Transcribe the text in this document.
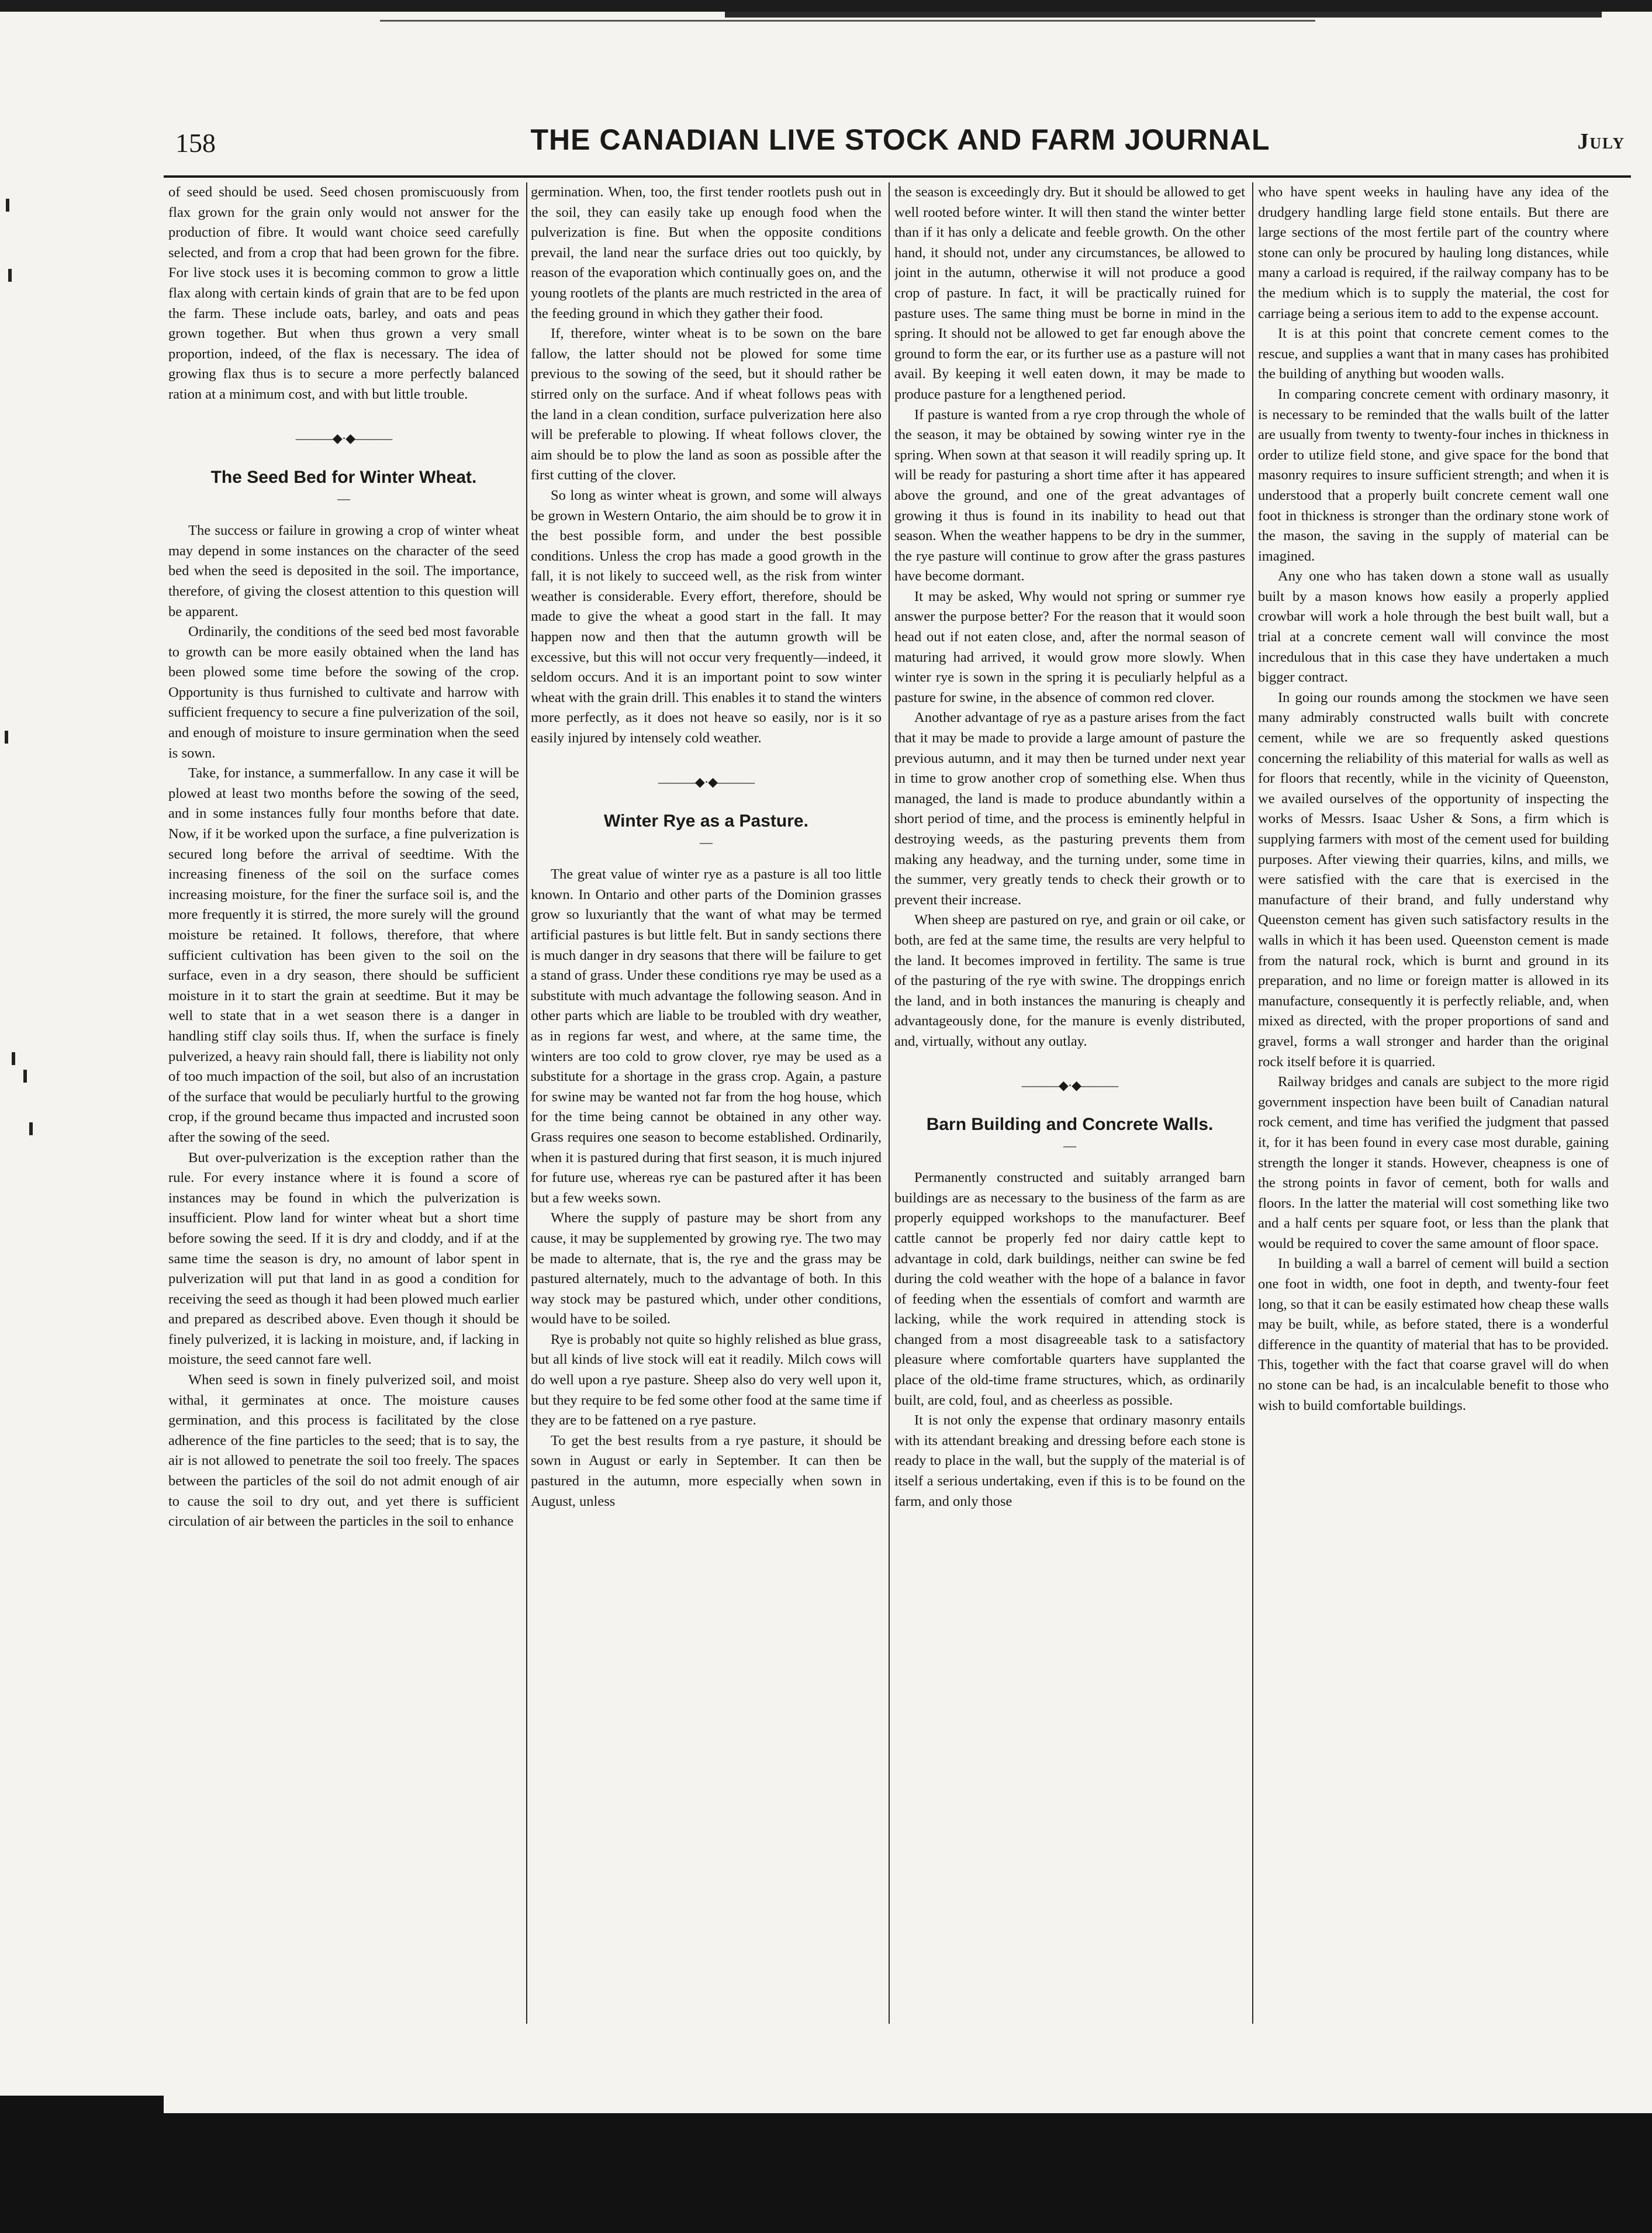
158	THE CANADIAN LIVE STOCK AND FARM JOURNAL	July

of seed should be used. Seed chosen promiscuously from flax grown for the grain only would not answer for the production of fibre. It would want choice seed carefully selected, and from a crop that had been grown for the fibre. For live stock uses it is becoming common to grow a little flax along with certain kinds of grain that are to be fed upon the farm. These include oats, barley, and oats and peas grown together. But when thus grown a very small proportion, indeed, of the flax is necessary. The idea of growing flax thus is to secure a more perfectly balanced ration at a minimum cost, and with but little trouble.

———◆·◆———
The Seed Bed for Winter Wheat.
—

The success or failure in growing a crop of winter wheat may depend in some instances on the character of the seed bed when the seed is deposited in the soil. The importance, therefore, of giving the closest attention to this question will be apparent.

Ordinarily, the conditions of the seed bed most favorable to growth can be more easily obtained when the land has been plowed some time before the sowing of the crop. Opportunity is thus furnished to cultivate and harrow with sufficient frequency to secure a fine pulverization of the soil, and enough of moisture to insure germination when the seed is sown.

Take, for instance, a summerfallow. In any case it will be plowed at least two months before the sowing of the seed, and in some instances fully four months before that date. Now, if it be worked upon the surface, a fine pulverization is secured long before the arrival of seedtime. With the increasing fineness of the soil on the surface comes increasing moisture, for the finer the surface soil is, and the more frequently it is stirred, the more surely will the ground moisture be retained. It follows, therefore, that where sufficient cultivation has been given to the soil on the surface, even in a dry season, there should be sufficient moisture in it to start the grain at seedtime. But it may be well to state that in a wet season there is a danger in handling stiff clay soils thus. If, when the surface is finely pulverized, a heavy rain should fall, there is liability not only of too much impaction of the soil, but also of an incrustation of the surface that would be peculiarly hurtful to the growing crop, if the ground became thus impacted and incrusted soon after the sowing of the seed.

But over-pulverization is the exception rather than the rule. For every instance where it is found a score of instances may be found in which the pulverization is insufficient. Plow land for winter wheat but a short time before sowing the seed. If it is dry and cloddy, and if at the same time the season is dry, no amount of labor spent in pulverization will put that land in as good a condition for receiving the seed as though it had been plowed much earlier and prepared as described above. Even though it should be finely pulverized, it is lacking in moisture, and, if lacking in moisture, the seed cannot fare well.

When seed is sown in finely pulverized soil, and moist withal, it germinates at once. The moisture causes germination, and this process is facilitated by the close adherence of the fine particles to the seed; that is to say, the air is not allowed to penetrate the soil too freely. The spaces between the particles of the soil do not admit enough of air to cause the soil to dry out, and yet there is sufficient circulation of air between the particles in the soil to enhance

germination. When, too, the first tender rootlets push out in the soil, they can easily take up enough food when the pulverization is fine. But when the opposite conditions prevail, the land near the surface dries out too quickly, by reason of the evaporation which continually goes on, and the young rootlets of the plants are much restricted in the area of the feeding ground in which they gather their food.

If, therefore, winter wheat is to be sown on the bare fallow, the latter should not be plowed for some time previous to the sowing of the seed, but it should rather be stirred only on the surface. And if wheat follows peas with the land in a clean condition, surface pulverization here also will be preferable to plowing. If wheat follows clover, the aim should be to plow the land as soon as possible after the first cutting of the clover.

So long as winter wheat is grown, and some will always be grown in Western Ontario, the aim should be to grow it in the best possible form, and under the best possible conditions. Unless the crop has made a good growth in the fall, it is not likely to succeed well, as the risk from winter weather is considerable. Every effort, therefore, should be made to give the wheat a good start in the fall. It may happen now and then that the autumn growth will be excessive, but this will not occur very frequently—indeed, it seldom occurs. And it is an important point to sow winter wheat with the grain drill. This enables it to stand the winters more perfectly, as it does not heave so easily, nor is it so easily injured by intensely cold weather.

———◆·◆———
Winter Rye as a Pasture.
—

The great value of winter rye as a pasture is all too little known. In Ontario and other parts of the Dominion grasses grow so luxuriantly that the want of what may be termed artificial pastures is but little felt. But in sandy sections there is much danger in dry seasons that there will be failure to get a stand of grass. Under these conditions rye may be used as a substitute with much advantage the following season. And in other parts which are liable to be troubled with dry weather, as in regions far west, and where, at the same time, the winters are too cold to grow clover, rye may be used as a substitute for a shortage in the grass crop. Again, a pasture for swine may be wanted not far from the hog house, which for the time being cannot be obtained in any other way. Grass requires one season to become established. Ordinarily, when it is pastured during that first season, it is much injured for future use, whereas rye can be pastured after it has been but a few weeks sown.

Where the supply of pasture may be short from any cause, it may be supplemented by growing rye. The two may be made to alternate, that is, the rye and the grass may be pastured alternately, much to the advantage of both. In this way stock may be pastured which, under other conditions, would have to be soiled.

Rye is probably not quite so highly relished as blue grass, but all kinds of live stock will eat it readily. Milch cows will do well upon a rye pasture. Sheep also do very well upon it, but they require to be fed some other food at the same time if they are to be fattened on a rye pasture.

To get the best results from a rye pasture, it should be sown in August or early in September. It can then be pastured in the autumn, more especially when sown in August, unless

the season is exceedingly dry. But it should be allowed to get well rooted before winter. It will then stand the winter better than if it has only a delicate and feeble growth. On the other hand, it should not, under any circumstances, be allowed to joint in the autumn, otherwise it will not produce a good crop of pasture. In fact, it will be practically ruined for pasture uses. The same thing must be borne in mind in the spring. It should not be allowed to get far enough above the ground to form the ear, or its further use as a pasture will not avail. By keeping it well eaten down, it may be made to produce pasture for a lengthened period.

If pasture is wanted from a rye crop through the whole of the season, it may be obtained by sowing winter rye in the spring. When sown at that season it will readily spring up. It will be ready for pasturing a short time after it has appeared above the ground, and one of the great advantages of growing it thus is found in its inability to head out that season. When the weather happens to be dry in the summer, the rye pasture will continue to grow after the grass pastures have become dormant.

It may be asked, Why would not spring or summer rye answer the purpose better? For the reason that it would soon head out if not eaten close, and, after the normal season of maturing had arrived, it would grow more slowly. When winter rye is sown in the spring it is peculiarly helpful as a pasture for swine, in the absence of common red clover.

Another advantage of rye as a pasture arises from the fact that it may be made to provide a large amount of pasture the previous autumn, and it may then be turned under next year in time to grow another crop of something else. When thus managed, the land is made to produce abundantly within a short period of time, and the process is eminently helpful in destroying weeds, as the pasturing prevents them from making any headway, and the turning under, some time in the summer, very greatly tends to check their growth or to prevent their increase.

When sheep are pastured on rye, and grain or oil cake, or both, are fed at the same time, the results are very helpful to the land. It becomes improved in fertility. The same is true of the pasturing of the rye with swine. The droppings enrich the land, and in both instances the manuring is cheaply and advantageously done, for the manure is evenly distributed, and, virtually, without any outlay.

———◆·◆———
Barn Building and Concrete Walls.
—

Permanently constructed and suitably arranged barn buildings are as necessary to the business of the farm as are properly equipped workshops to the manufacturer. Beef cattle cannot be properly fed nor dairy cattle kept to advantage in cold, dark buildings, neither can swine be fed during the cold weather with the hope of a balance in favor of feeding when the essentials of comfort and warmth are lacking, while the work required in attending stock is changed from a most disagreeable task to a satisfactory pleasure where comfortable quarters have supplanted the place of the old-time frame structures, which, as ordinarily built, are cold, foul, and as cheerless as possible.

It is not only the expense that ordinary masonry entails with its attendant breaking and dressing before each stone is ready to place in the wall, but the supply of the material is of itself a serious undertaking, even if this is to be found on the farm, and only those

who have spent weeks in hauling have any idea of the drudgery handling large field stone entails. But there are large sections of the most fertile part of the country where stone can only be procured by hauling long distances, while many a carload is required, if the railway company has to be the medium which is to supply the material, the cost for carriage being a serious item to add to the expense account.

It is at this point that concrete cement comes to the rescue, and supplies a want that in many cases has prohibited the building of anything but wooden walls.

In comparing concrete cement with ordinary masonry, it is necessary to be reminded that the walls built of the latter are usually from twenty to twenty-four inches in thickness in order to utilize field stone, and give space for the bond that masonry requires to insure sufficient strength; and when it is understood that a properly built concrete cement wall one foot in thickness is stronger than the ordinary stone work of the mason, the saving in the supply of material can be imagined.

Any one who has taken down a stone wall as usually built by a mason knows how easily a properly applied crowbar will work a hole through the best built wall, but a trial at a concrete cement wall will convince the most incredulous that in this case they have undertaken a much bigger contract.

In going our rounds among the stockmen we have seen many admirably constructed walls built with concrete cement, while we are so frequently asked questions concerning the reliability of this material for walls as well as for floors that recently, while in the vicinity of Queenston, we availed ourselves of the opportunity of inspecting the works of Messrs. Isaac Usher & Sons, a firm which is supplying farmers with most of the cement used for building purposes. After viewing their quarries, kilns, and mills, we were satisfied with the care that is exercised in the manufacture of their brand, and fully understand why Queenston cement has given such satisfactory results in the walls in which it has been used. Queenston cement is made from the natural rock, which is burnt and ground in its preparation, and no lime or foreign matter is allowed in its manufacture, consequently it is perfectly reliable, and, when mixed as directed, with the proper proportions of sand and gravel, forms a wall stronger and harder than the original rock itself before it is quarried.

Railway bridges and canals are subject to the more rigid government inspection have been built of Canadian natural rock cement, and time has verified the judgment that passed it, for it has been found in every case most durable, gaining strength the longer it stands. However, cheapness is one of the strong points in favor of cement, both for walls and floors. In the latter the material will cost something like two and a half cents per square foot, or less than the plank that would be required to cover the same amount of floor space.

In building a wall a barrel of cement will build a section one foot in width, one foot in depth, and twenty-four feet long, so that it can be easily estimated how cheap these walls may be built, while, as before stated, there is a wonderful difference in the quantity of material that has to be provided. This, together with the fact that coarse gravel will do when no stone can be had, is an incalculable benefit to those who wish to build comfortable buildings.
